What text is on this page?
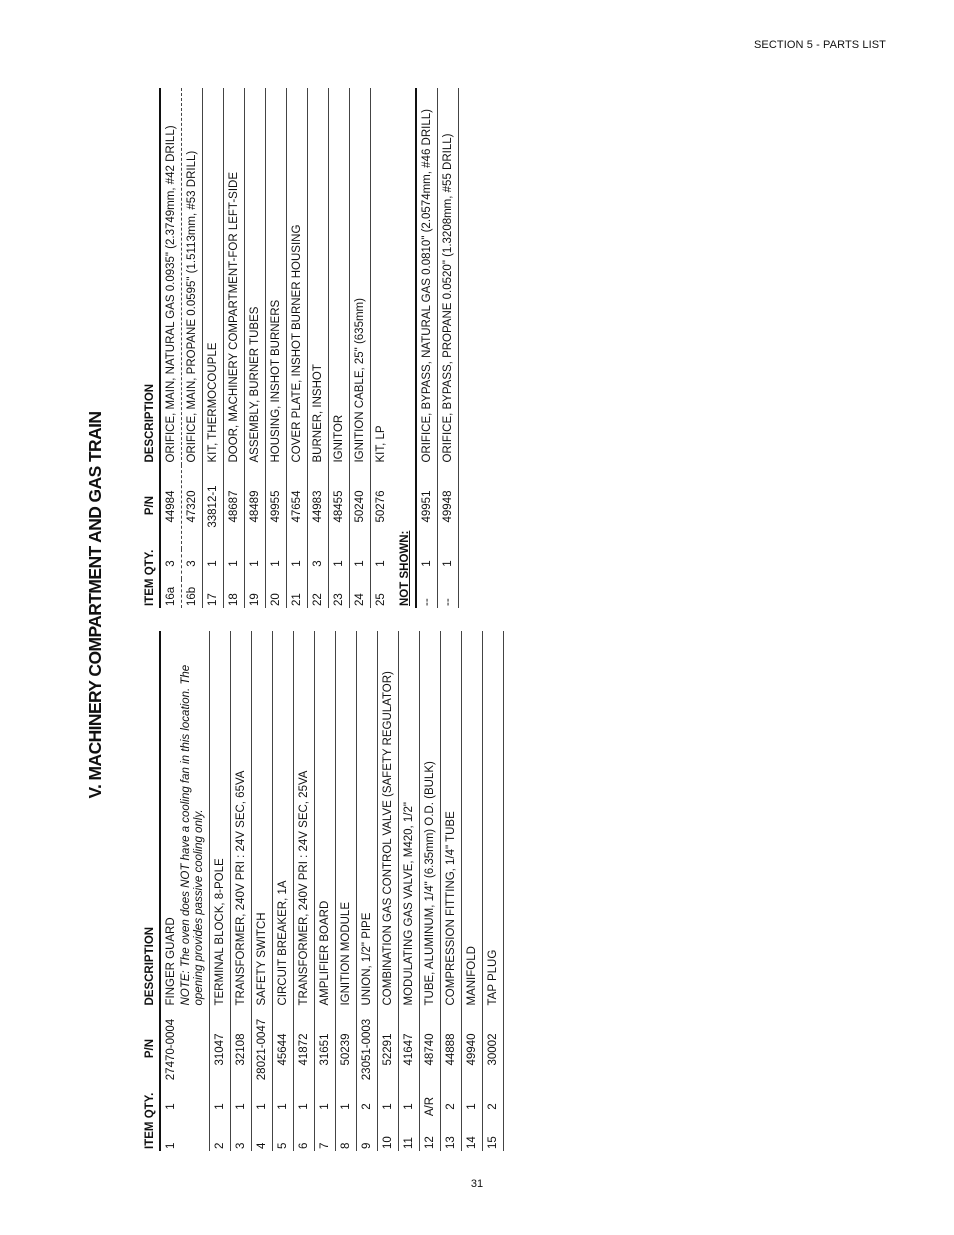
SECTION 5 - PARTS LIST
V. MACHINERY COMPARTMENT AND GAS TRAIN
ITEM	QTY.	P/N	DESCRIPTION
1	1	27470-0004	FINGER GUARD NOTE: The oven does NOT have a cooling fan in this location. The opening provides passive cooling only.

2	1	31047	TERMINAL BLOCK, 8-POLE

3	1	32108	TRANSFORMER, 240V PRI : 24V SEC, 65VA

4	1	28021-0047	SAFETY SWITCH

5	1	45644	CIRCUIT BREAKER, 1A

6	1	41872	TRANSFORMER, 240V PRI : 24V SEC, 25VA

7	1	31651	AMPLIFIER BOARD

8	1	50239	IGNITION MODULE

9	2	23051-0003	UNION, 1/2" PIPE

10	1	52291	COMBINATION GAS CONTROL VALVE (SAFETY REGULATOR)

11	1	41647	MODULATING GAS VALVE, M420, 1/2"

12	A/R	48740	TUBE, ALUMINUM, 1/4" (6.35mm) O.D. (BULK)

13	2	44888	COMPRESSION FITTING, 1/4" TUBE

14	1	49940	MANIFOLD

15	2	30002	TAP PLUG
ITEM	QTY.	P/N	DESCRIPTION
16a	3	44984	ORIFICE, MAIN, NATURAL GAS 0.0935" (2.3749mm, #42 DRILL)

16b	3	47320	ORIFICE, MAIN, PROPANE 0.0595" (1.5113mm, #53 DRILL)

17	1	33812-1	KIT, THERMOCOUPLE

18	1	48687	DOOR, MACHINERY COMPARTMENT-FOR LEFT-SIDE

19	1	48489	ASSEMBLY, BURNER TUBES

20	1	49955	HOUSING, INSHOT BURNERS

21	1	47654	COVER PLATE, INSHOT BURNER HOUSING

22	3	44983	BURNER, INSHOT

23	1	48455	IGNITOR

24	1	50240	IGNITION CABLE, 25" (635mm)

25	1	50276	KIT, LP

NOT SHOWN:			
--	1	49951	ORIFICE, BYPASS, NATURAL GAS 0.0810" (2.0574mm, #46 DRILL)

--	1	49948	ORIFICE, BYPASS, PROPANE 0.0520" (1.3208mm, #55 DRILL)
31
